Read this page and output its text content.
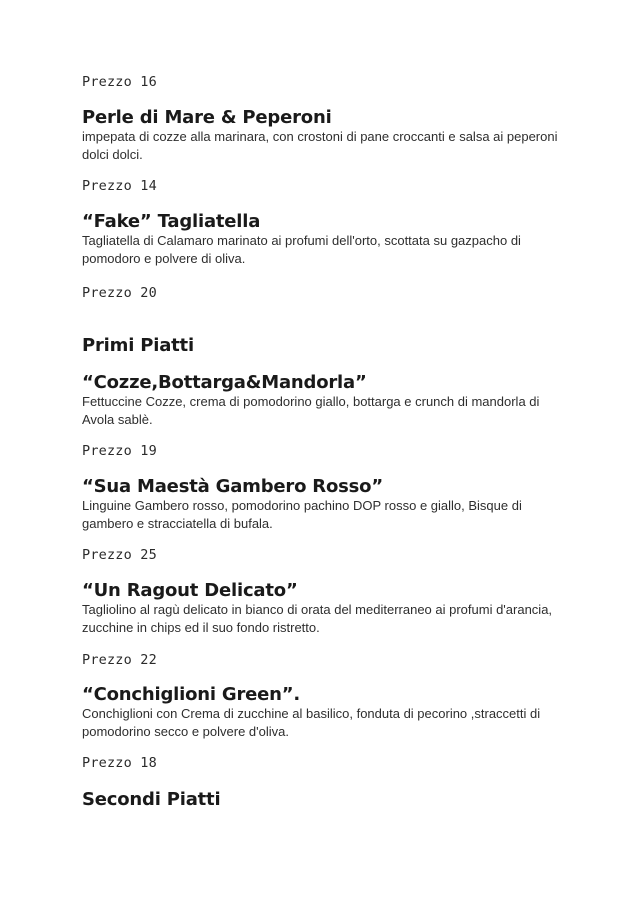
Prezzo 16
Perle di Mare & Peperoni
impepata di cozze alla marinara, con crostoni di pane croccanti e salsa ai peperoni dolci dolci.
Prezzo 14
“Fake” Tagliatella
Tagliatella di Calamaro marinato ai profumi dell'orto, scottata su gazpacho di pomodoro e polvere di oliva.
Prezzo 20
Primi Piatti
“Cozze,Bottarga&Mandorla”
Fettuccine Cozze, crema di pomodorino giallo, bottarga e crunch di mandorla di Avola sablè.
Prezzo 19
“Sua Maestà Gambero Rosso”
Linguine Gambero rosso, pomodorino pachino DOP rosso e giallo, Bisque di gambero e stracciatella di bufala.
Prezzo 25
“Un Ragout Delicato”
Tagliolino al ragù delicato in bianco di orata del mediterraneo ai profumi d'arancia, zucchine in chips ed il suo fondo ristretto.
Prezzo 22
“Conchiglioni Green”.
Conchiglioni con Crema di zucchine al basilico, fonduta di pecorino ,straccetti di pomodorino secco e polvere d'oliva.
Prezzo 18
Secondi Piatti
